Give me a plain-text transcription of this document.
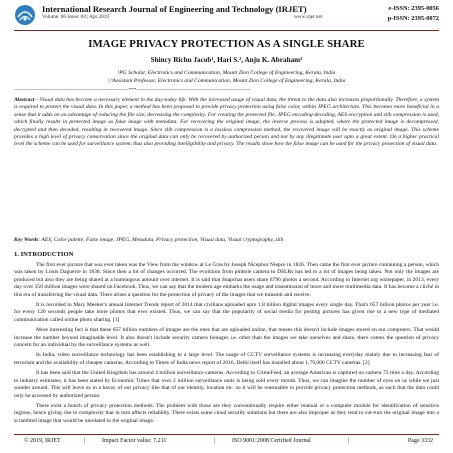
International Research Journal of Engineering and Technology (IRJET)
Volume: 06 Issue: 04 | Apr 2019	www.irjet.net
e-ISSN: 2395-0056
p-ISSN: 2395-0072
IMAGE PRIVACY PROTECTION AS A SINGLE SHARE
Shincy Richu Jacob¹, Hari S.², Anju K. Abraham³
¹PG Scholar, Electronics and Communication, Mount Zion College of Engineering, Kerala, India
²,³Assistant Professor, Electronics and Communication, Mount Zion College of Engineering, Kerala, India
---------------------------------------------------------------------***---------------------------------------------------------------------
Abstract - Visual data has become a necessary element in the day-today life. With the increased usage of visual data, the threat to the data also increases proportionally. Therefore, a system is required to protect the visual data. In this paper, a method has been proposed to provide privacy protection using false color, within JPEG architecture. This becomes more beneficial in a sense that it adds on an advantage of reducing the file size, decreasing the complexity. For creating the protected file, JPEG encoding-decoding, AES encryption and zlib compression is used, which finally results in protected image as false image with metadata. For recovering the original image, the inverse process is adopted, where the protected image is decompressed, decrypted and then decoded, resulting in recovered image. Since zlib compression is a lossless compression method, the recovered image will be exactly as original image. This scheme provides a high level of privacy conservation since the original data can only be recovered by authorized person and not by any illegitimate user upto a great extent. On a higher practical level the scheme can be used for surveillance system, thus also providing intelligibility and privacy. The results show how the false image can be used for the privacy protection of visual data.
Key Words: AES, Color palette, False image, JPEG, Metadata, Privacy protection, Visual data, Visual cryptography, zlib
1. INTRODUCTION

The first ever picture that was ever taken was the View from the window at Le Gras by Joseph Nicephor Niepce in 1826. Then came the first ever picture containing a person, which was taken by Louis Daguerre in 1838. Since then a lot of changes occurred. The evolution from pinhole camera to DSLRs has led to a lot of images being taken. Not only the images are produced but also they are being shared at a humongous amount over internet. It is said that Snapchat users share 8796 photos a second. According to Internet org whitepaper, in 2013, every day over 350 million images were shared on Facebook. Thus, we can say that the modern age embarks the usage and transmission of more and more multimedia data. It has become a cliché in this era of transferring the visual data. There arises a question for the protection of privacy of the images that we transmit and receive.

It is recorded in Mary Meeker's annual Internet Trends report of 2014 that civilians uploaded upto 1.8 billion digital images every single day. That's 657 billion photos per year i.e. for every 120 seconds people take more photos that ever existed. Thus, we can say that the popularity of social media for posting pictures has given rise to a new type of mediated communication called online photo sharing. [1]

More interesting fact is that these 657 billion numbers of images are the ones that are uploaded online, that means this doesn't include images stored on our computers. That would increase the number beyond imaginable level. It also doesn't include security camera footages i.e. other than the images we take ourselves and share, there comes the question of privacy concern for an individual by the surveillance systems as well.

In India, video surveillance technology has been establishing to a large level. The usage of CCTV surveillance systems is increasing everyday mainly due to increasing fear of terrorism and the availability of cheaper cameras. According to Times of India news report of 2016, Delhi itself has installed about 1,79,000 CCTV cameras. [2]

It has been said that the United Kingdom has around 4 million surveillance cameras. According to CrimeFeed, an average American is captured on camera 75 time a day. According to industry estimates, it has been stated by Economic Times that over 2 million surveillance units is being sold every month. Thus, we can imagine the number of eyes on us while we just wander around. This will leave us in a havoc of our privacy like that of our identity, location etc. so it will be reasonable to provide privacy protection methods, as such that the data could only be accessed by authorized person.

There exist a bunch of privacy protection methods. The problem with those are they conventionally require either manual or a computer module for identification of sensitive regions, hence giving rise to complexity that in turn affects reliability. There exists some cloud security solutions but there are also improper as they tend to cut-turn the original image into a scrambled image that would be unrelated to the original image.

© 2019, IRJET	|	Impact Factor value: 7.211	|	ISO 9001:2008 Certified Journal	|	Page 3332
